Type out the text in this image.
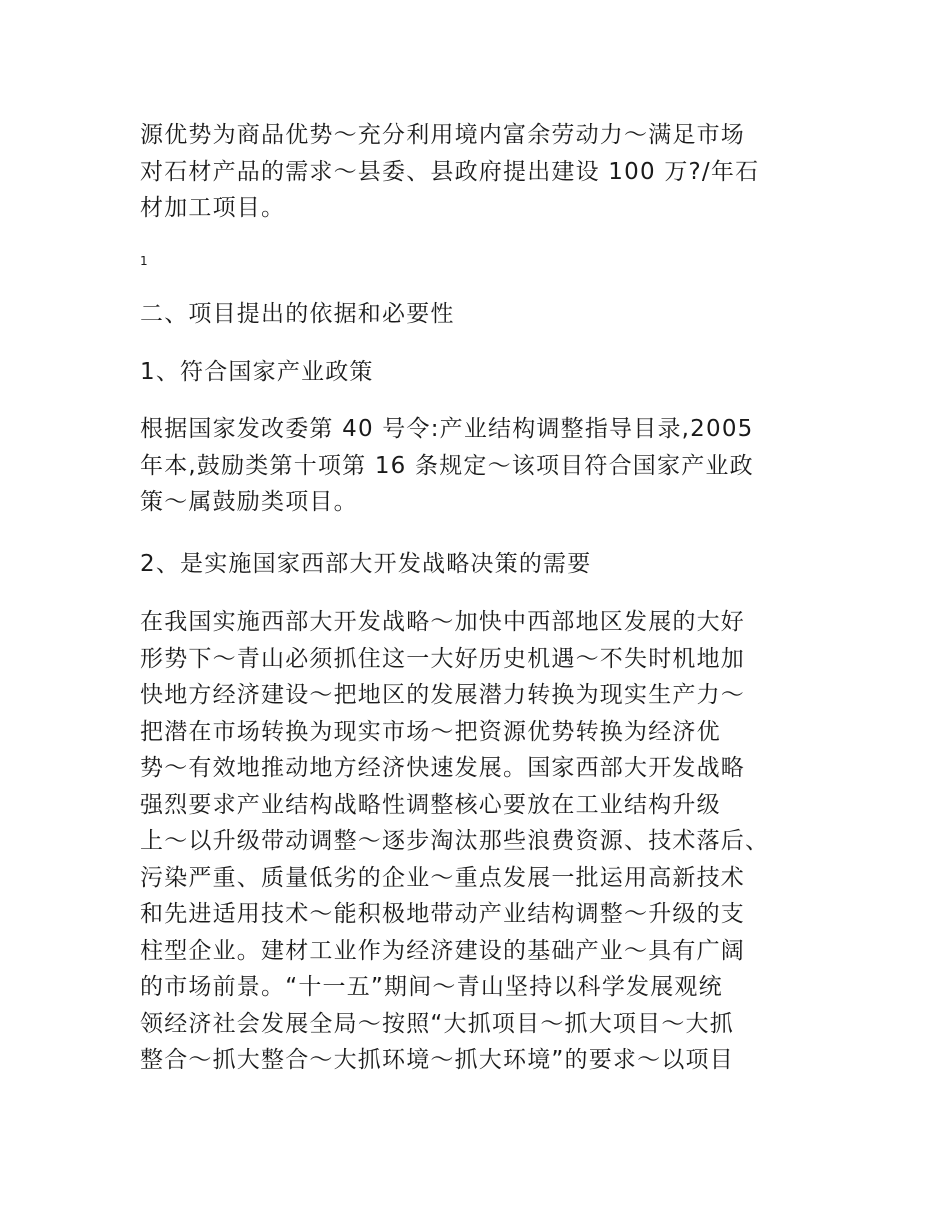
源优势为商品优势～充分利用境内富余劳动力～满足市场
对石材产品的需求～县委、县政府提出建设 100 万?/年石
材加工项目。
1
二、项目提出的依据和必要性
1、符合国家产业政策
根据国家发改委第 40 号令:产业结构调整指导目录,2005
年本,鼓励类第十项第 16 条规定～该项目符合国家产业政
策～属鼓励类项目。
2、是实施国家西部大开发战略决策的需要
在我国实施西部大开发战略～加快中西部地区发展的大好
形势下～青山必须抓住这一大好历史机遇～不失时机地加
快地方经济建设～把地区的发展潜力转换为现实生产力～
把潜在市场转换为现实市场～把资源优势转换为经济优
势～有效地推动地方经济快速发展。国家西部大开发战略
强烈要求产业结构战略性调整核心要放在工业结构升级
上～以升级带动调整～逐步淘汰那些浪费资源、技术落后、
污染严重、质量低劣的企业～重点发展一批运用高新技术
和先进适用技术～能积极地带动产业结构调整～升级的支
柱型企业。建材工业作为经济建设的基础产业～具有广阔
的市场前景。“十一五”期间～青山坚持以科学发展观统
领经济社会发展全局～按照“大抓项目～抓大项目～大抓
整合～抓大整合～大抓环境～抓大环境”的要求～以项目
